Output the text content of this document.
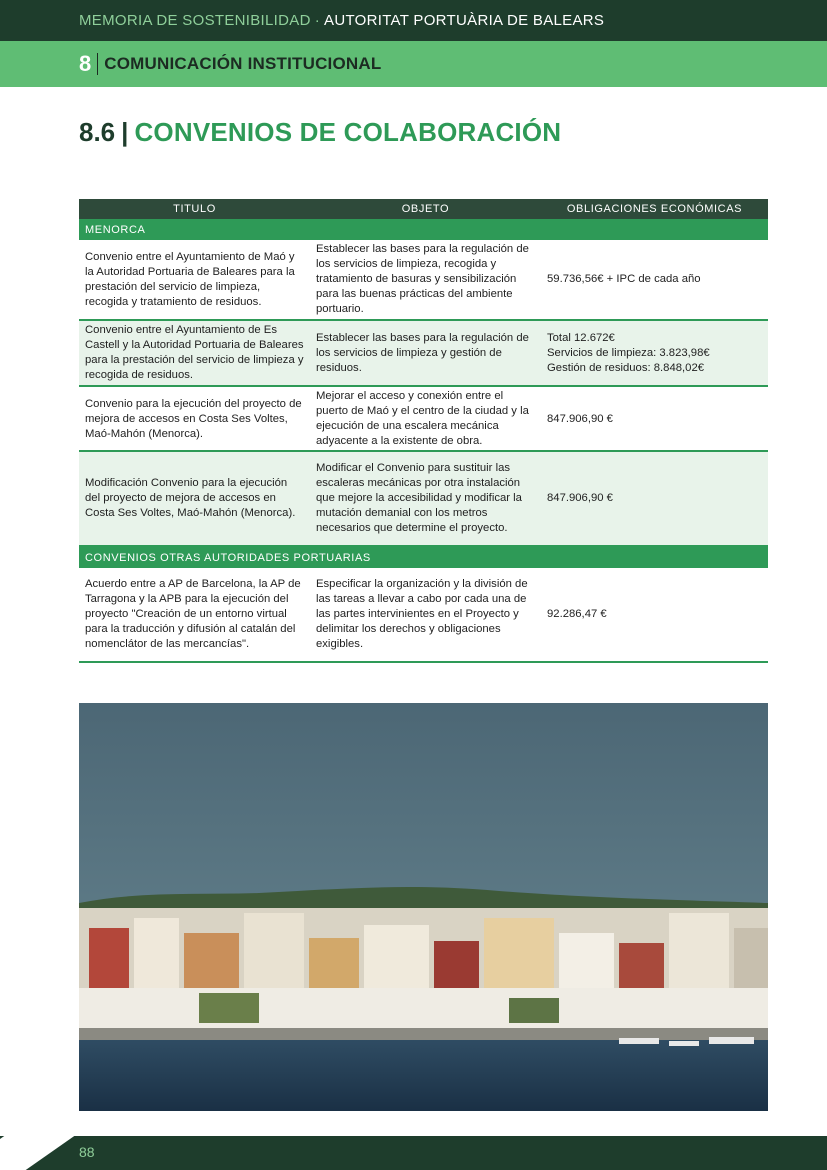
MEMORIA DE SOSTENIBILIDAD · AUTORITAT PORTUÀRIA DE BALEARS
8 COMUNICACIÓN INSTITUCIONAL
8.6 | CONVENIOS DE COLABORACIÓN
TITULO	OBJETO	OBLIGACIONES ECONÓMICAS
MENORCA
Convenio entre el Ayuntamiento de Maó y la Autoridad Portuaria de Baleares para la prestación del servicio de limpieza, recogida y tratamiento de residuos.
Establecer las bases para la regulación de los servicios de limpieza, recogida y tratamiento de basuras y sensibilización para las buenas prácticas del ambiente portuario.
59.736,56€ + IPC de cada año
Convenio entre el Ayuntamiento de Es Castell y la Autoridad Portuaria de Baleares para la prestación del servicio de limpieza y recogida de residuos.
Establecer las bases para la regulación de los servicios de limpieza y gestión de residuos.
Total 12.672€
Servicios de limpieza: 3.823,98€
Gestión de residuos: 8.848,02€
Convenio para la ejecución del proyecto de mejora de accesos en Costa Ses Voltes, Maó-Mahón (Menorca).
Mejorar el acceso y conexión entre el puerto de Maó y el centro de la ciudad y la ejecución de una escalera mecánica adyacente a la existente de obra.
847.906,90 €
Modificación Convenio para la ejecución del proyecto de mejora de accesos en Costa Ses Voltes, Maó-Mahón (Menorca).
Modificar el Convenio para sustituir las escaleras mecánicas por otra instalación que mejore la accesibilidad y modificar la mutación demanial con los metros necesarios que determine el proyecto.
847.906,90 €
CONVENIOS OTRAS AUTORIDADES PORTUARIAS
Acuerdo entre a AP de Barcelona, la AP de Tarragona y la APB para la ejecución del proyecto "Creación de un entorno virtual para la traducción y difusión al catalán del nomenclátor de las mercancías".
Especificar la organización y la división de las tareas a llevar a cabo por cada una de las partes intervinientes en el Proyecto y delimitar los derechos y obligaciones exigibles.
92.286,47 €
88
